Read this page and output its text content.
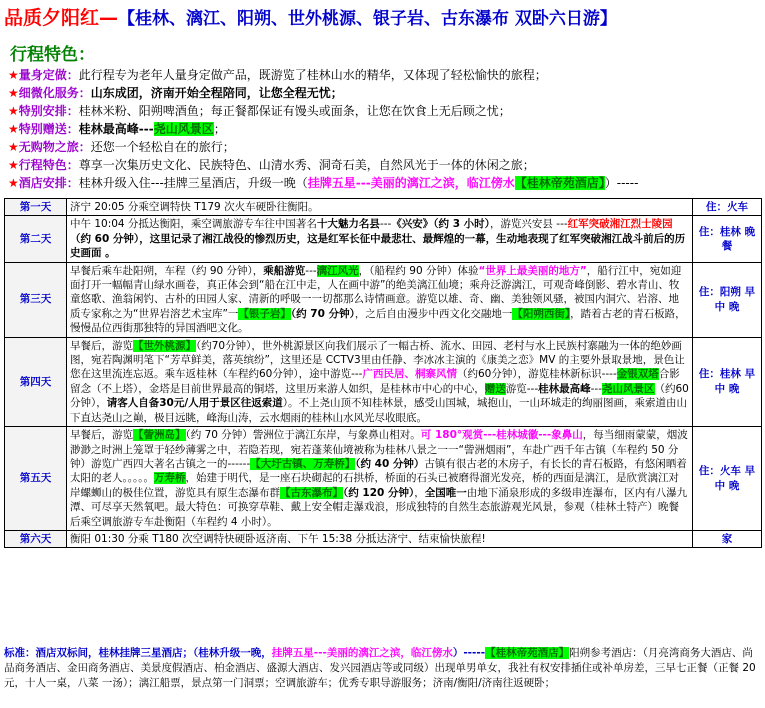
品质夕阳红—【桂林、漓江、阳朔、世外桃源、银子岩、古东瀑布 双卧六日游】
行程特色：
★量身定做：此行程专为老年人量身定做产品，既游览了桂林山水的精华，又体现了轻松愉快的旅程；
★细微化服务：山东成团，济南开始全程陪同，让您全程无忧；
★特别安排：桂林米粉、阳朔啤酒鱼；每正餐都保证有馒头或面条，让您在饮食上无后顾之忧；
★特别赠送：桂林最高峰---尧山风景区；
★无购物之旅：还您一个轻松自在的旅行；
★行程特色：尊享一次集历史文化、民族特色、山清水秀、洞奇石美，自然风光于一体的休闲之旅；
★酒店安排：桂林升级入住---挂牌三星酒店，升级一晚（挂牌五星---美丽的漓江之滨，临江傍水【桂林帝苑酒店】）-----
第一天	济宁 20:05 分乘空调特快 T179 次火车硬卧往衡阳。	住：火车
第二天	中午 10:04 分抵达衡阳，乘空调旅游专车往中国著名十大魅力名县---《兴安》（约 3 小时），游览兴安县 ---红军突破湘江烈士陵园（约 60 分钟），这里记录了湘江战役的惨烈历史，这是红军长征中最悲壮、最辉煌的一幕，生动地表现了红军突破湘江战斗前后的历史画面 。	住：桂林 晚 餐
第三天	早餐后乘车赴阳朔，车程（约 90 分钟），乘船游览---漓江风光，（船程约 90 分钟）体验“世界上最美丽的地方”，船行江中，宛如迎面打开一幅幅青山绿水画卷，真正体会到“船在江中走，人在画中游”的绝美漓江仙境；乘舟泛游漓江，可观奇峰倒影、碧水青山、牧童悠歌、渔翁闲钓、古朴的田园人家、清新的呼吸一一切都那么诗情画意。游览以雄、奇、幽、美独领风骚，被国内洞穴、岩溶、地质专家称之为“世界岩溶艺术宝库”一【银子岩】（约 70 分钟），之后自由漫步中西文化交融地一【阳朔西街】，踏着古老的青石板路，慢慢品位西街那独特的异国酒吧文化。	住：阳朔 早 中 晚
第四天	早餐后，游览【世外桃源】（约70分钟），世外桃源景区向我们展示了一幅古桥、流水、田园、老村与水上民族村寨融为一体的绝妙画图，宛若陶渊明笔下“芳草鲜美，落英缤纷”，这里还是 CCTV3里由任静、李冰冰主演的《康美之恋》MV 的主要外景取景地，景色让您在这里流连忘返。乘车返桂林（车程约60分钟），途中游览---广西民居、桐寨风情（约60分钟），游览桂林新标识----金银双塔合影留念（不上塔），金塔是目前世界最高的铜塔，这里历来游人如织，是桂林市中心的中心，赠送游览---桂林最高峰---尧山风景区（约60分钟），请客人自备30元/人用于景区往返索道）。不上尧山顶不知桂林景，感受山国城，城抱山，一山环城走的绚丽图画，乘索道由山下直达尧山之巅，极目远眺，峰海山涛，云水烟雨的桂林山水风光尽收眼底。	住：桂林 早 中 晚
第五天	早餐后，游览【訾洲岛】（约 70 分钟）訾洲位于漓江东岸，与象鼻山相对。可 180°观赏---桂林城徽---象鼻山，每当细雨蒙蒙，烟波渺渺之时洲上笼罩于轻纱薄雾之中，若隐若现，宛若蓬莱仙境被称为桂林八景之一一“訾洲烟雨”，车赴广西千年古镇（车程约 50 分钟）游览广西四大著名古镇之一的------【大圩古镇、万寿桥】（约 40 分钟）古镇有很古老的木房子，有长长的青石板路，有悠闲晒着太阳的老人。。。。。万寿桥，始建于明代，是一座石块砌起的石拱桥，桥面的石头已被磨得溜光发亮，桥的西面是漓江，是欣赏漓江对岸螺蛳山的极佳位置，游览具有原生态瀑布群【古东瀑布】（约 120 分钟），全国唯一由地下涌泉形成的多级串连瀑布，区内有八瀑九潭、可尽享天然氧吧。最大特色：可换穿草鞋、戴上安全帽走瀑戏浪，形成独特的自然生态旅游观光风景，参观（桂林土特产）晚餐后乘空调旅游专车赴衡阳（车程约 4 小时）。	住：火车 早 中 晚
第六天	衡阳 01:30 分乘 T180 次空调特快硬卧返济南、下午 15:38 分抵达济宁、结束愉快旅程!	家
标准：酒店双标间，桂林挂牌三星酒店；（桂林升级一晚，挂牌五星---美丽的漓江之滨，临江傍水）-----【桂林帝苑酒店】阳朔参考酒店：（月亮湾商务大酒店、尚品商务酒店、金田商务酒店、美景度假酒店、柏金酒店、盛源大酒店、发兴园酒店等或同级）出现单男单女，我社有权安排插住或补单房差，三早七正餐（正餐 20 元，十人一桌，八菜 一汤）；漓江船票，景点第一门洞票；空调旅游车；优秀专职导游服务；济南/衡阳/济南往返硬卧；
